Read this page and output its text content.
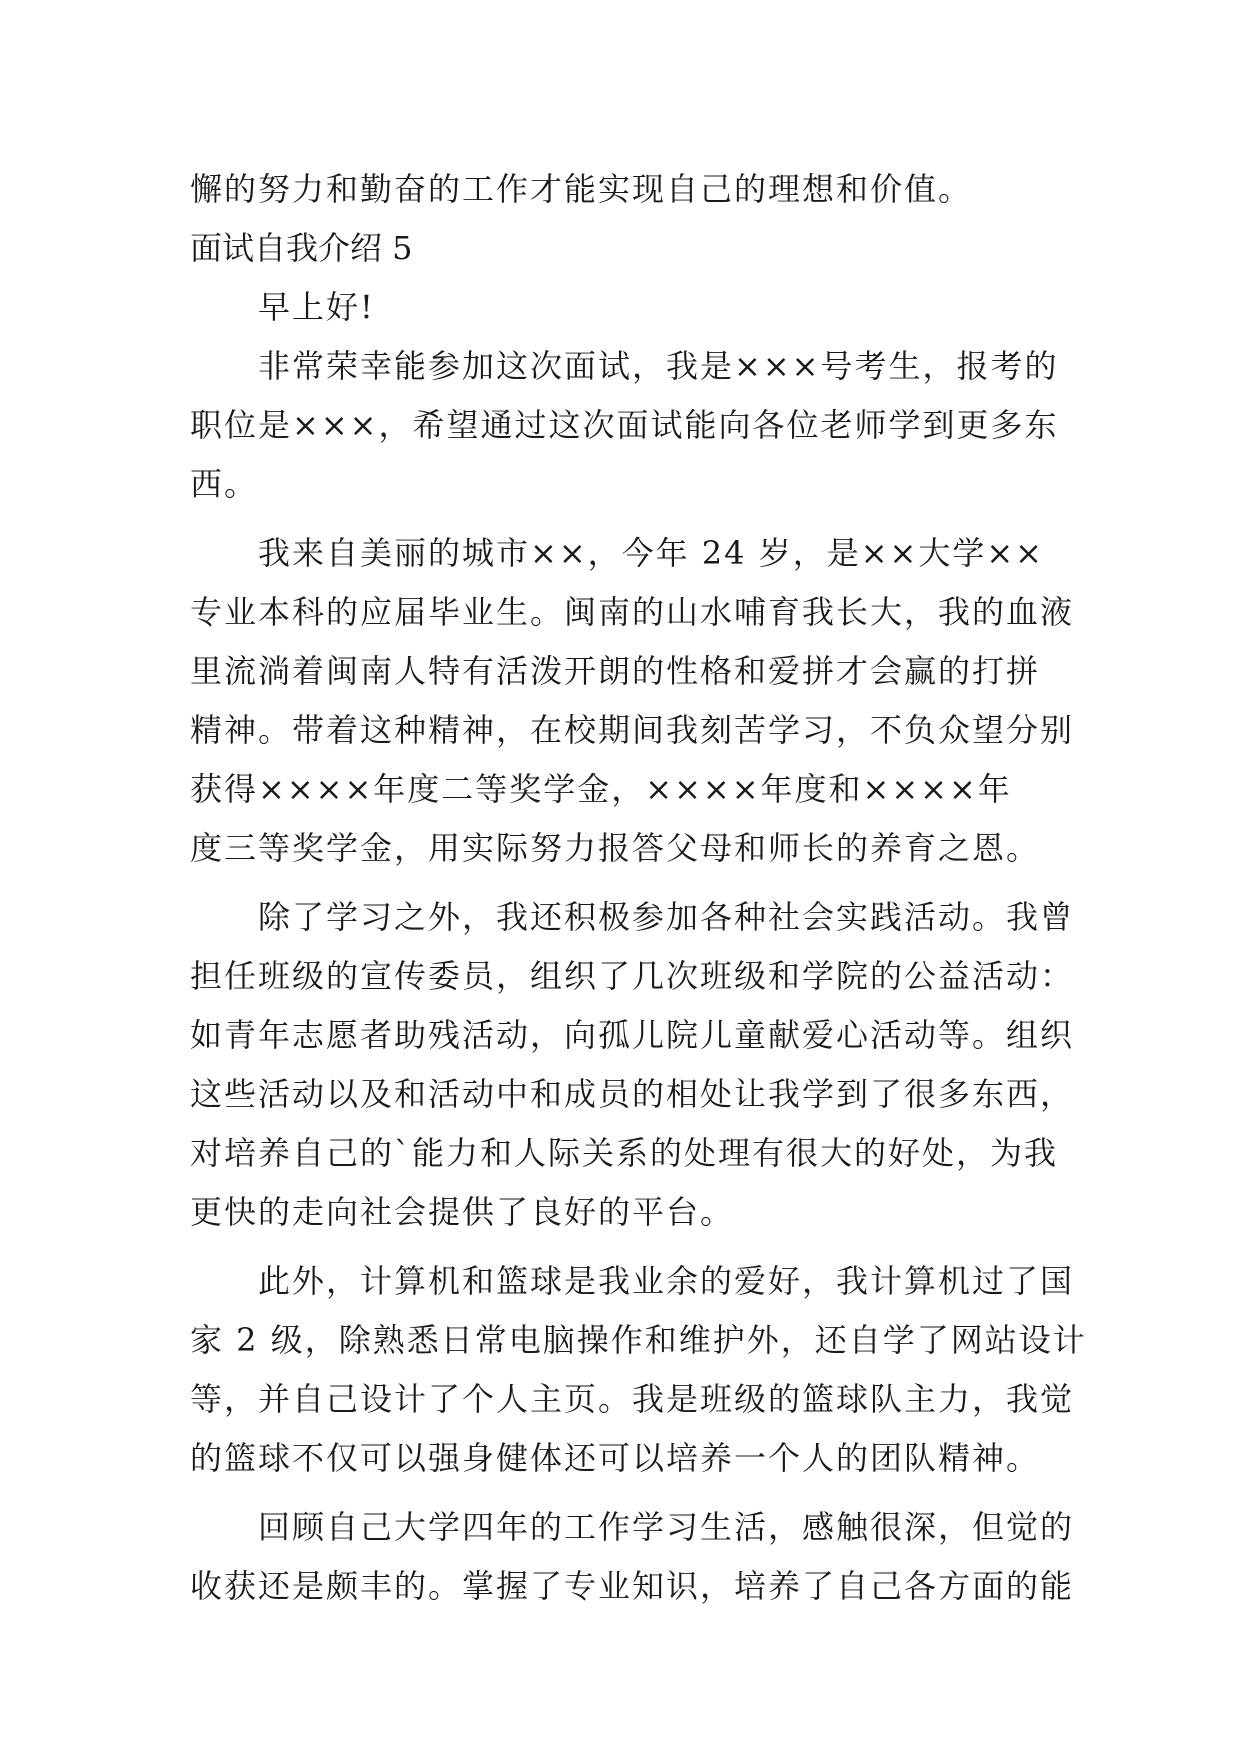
懈的努力和勤奋的工作才能实现自己的理想和价值。
面试自我介绍 5
早上好!
非常荣幸能参加这次面试，我是×××号考生，报考的
职位是×××，希望通过这次面试能向各位老师学到更多东
西。
我来自美丽的城市××，今年 24 岁，是××大学××
专业本科的应届毕业生。闽南的山水哺育我长大，我的血液
里流淌着闽南人特有活泼开朗的性格和爱拼才会赢的打拼
精神。带着这种精神，在校期间我刻苦学习，不负众望分别
获得××××年度二等奖学金，××××年度和××××年
度三等奖学金，用实际努力报答父母和师长的养育之恩。
除了学习之外，我还积极参加各种社会实践活动。我曾
担任班级的宣传委员，组织了几次班级和学院的公益活动：
如青年志愿者助残活动，向孤儿院儿童献爱心活动等。组织
这些活动以及和活动中和成员的相处让我学到了很多东西，
对培养自己的`能力和人际关系的处理有很大的好处，为我
更快的走向社会提供了良好的平台。
此外，计算机和篮球是我业余的爱好，我计算机过了国
家 2 级，除熟悉日常电脑操作和维护外，还自学了网站设计
等，并自己设计了个人主页。我是班级的篮球队主力，我觉
的篮球不仅可以强身健体还可以培养一个人的团队精神。
回顾自己大学四年的工作学习生活，感触很深，但觉的
收获还是颇丰的。掌握了专业知识，培养了自己各方面的能
